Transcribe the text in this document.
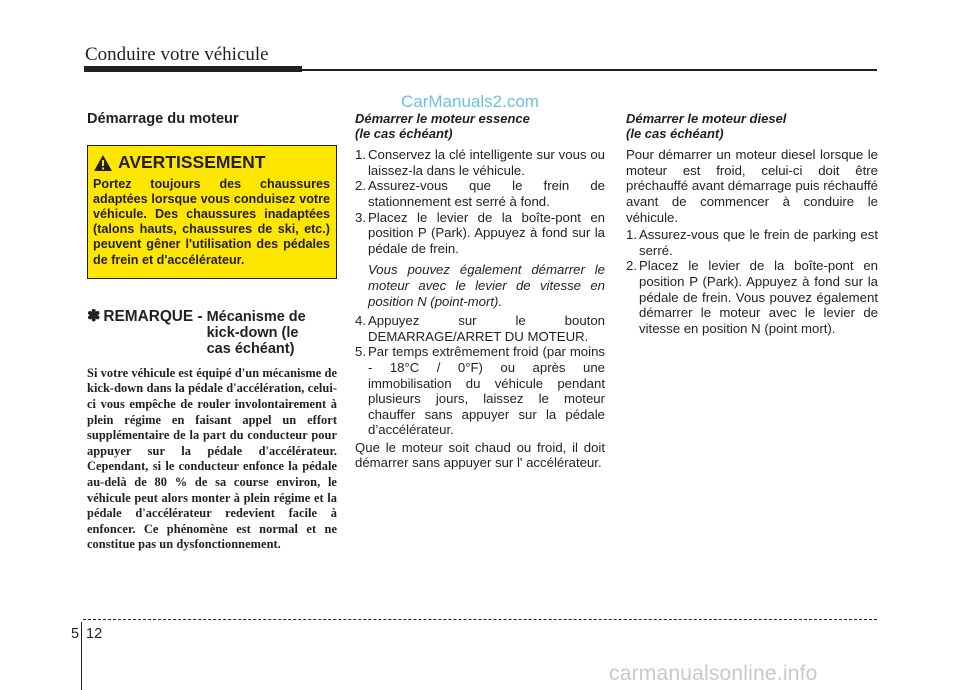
Conduire votre véhicule
CarManuals2.com
Démarrage du moteur
AVERTISSEMENT
Portez toujours des chaussures adaptées lorsque vous conduisez votre véhicule. Des chaussures inadaptées (talons hauts, chaussures de ski, etc.) peuvent gêner l'utilisation des pédales de frein et d'accélérateur.
✽ REMARQUE - Mécanisme de kick-down (le cas échéant)
Si votre véhicule est équipé d'un mécanisme de kick-down dans la pédale d'accélération, celui-ci vous empêche de rouler involontairement à plein régime en faisant appel un effort supplémentaire de la part du conducteur pour appuyer sur la pédale d'accélérateur. Cependant, si le conducteur enfonce la pédale au-delà de 80 % de sa course environ, le véhicule peut alors monter à plein régime et la pédale d'accélérateur redevient facile à enfoncer. Ce phénomène est normal et ne constitue pas un dysfonctionnement.
Démarrer le moteur essence
(le cas échéant)
1. Conservez la clé intelligente sur vous ou laissez-la dans le véhicule.
2. Assurez-vous que le frein de stationnement est serré à fond.
3. Placez le levier de la boîte-pont en position P (Park). Appuyez à fond sur la pédale de frein.
Vous pouvez également démarrer le moteur avec le levier de vitesse en position N (point-mort).
4. Appuyez sur le bouton DEMARRAGE/ARRET DU MOTEUR.
5. Par temps extrêmement froid (par moins - 18°C / 0°F) ou après une immobilisation du véhicule pendant plusieurs jours, laissez le moteur chauffer sans appuyer sur la pédale d’accélérateur.
Que le moteur soit chaud ou froid, il doit démarrer sans appuyer sur l' accélérateur.
Démarrer le moteur diesel
(le cas échéant)
Pour démarrer un moteur diesel lorsque le moteur est froid, celui-ci doit être préchauffé avant démarrage puis réchauffé avant de commencer à conduire le véhicule.
1. Assurez-vous que le frein de parking est serré.
2. Placez le levier de la boîte-pont en position P (Park). Appuyez à fond sur la pédale de frein. Vous pouvez également démarrer le moteur avec le levier de vitesse en position N (point mort).
5 12
carmanualsonline.info
